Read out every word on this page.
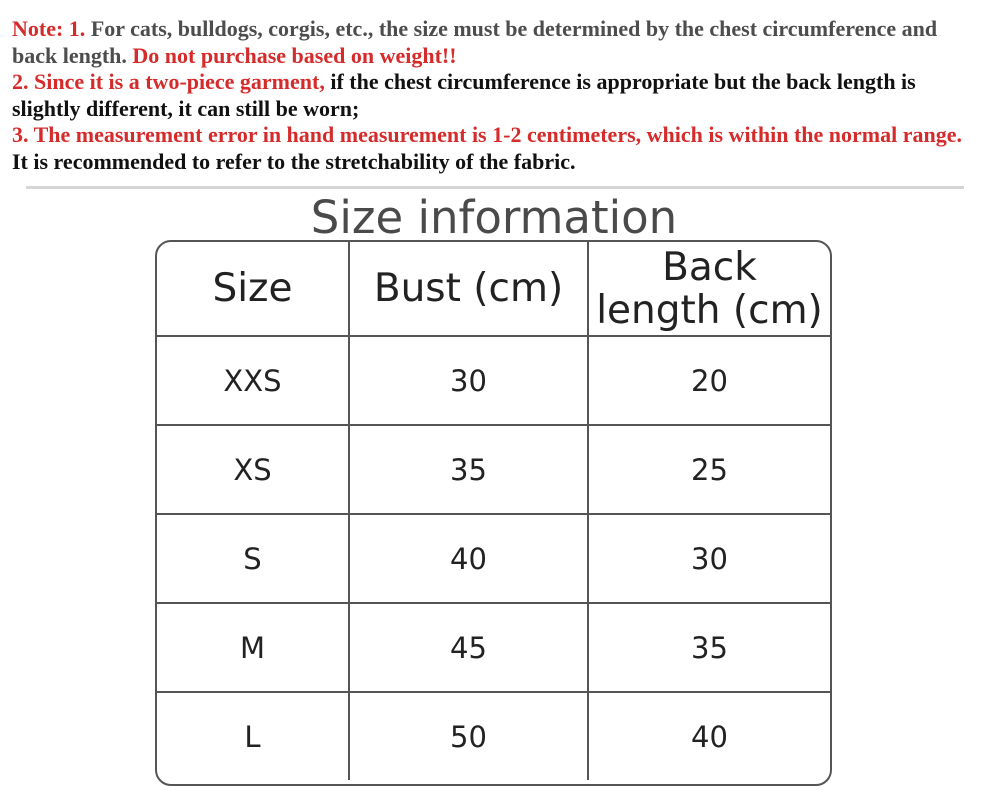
Note: 1. For cats, bulldogs, corgis, etc., the size must be determined by the chest circumference and back length. Do not purchase based on weight!!

2. Since it is a two-piece garment, if the chest circumference is appropriate but the back length is slightly different, it can still be worn;

3. The measurement error in hand measurement is 1-2 centimeters, which is within the normal range. It is recommended to refer to the stretchability of the fabric.

Size information
Size	Bust (cm)	Back length (cm)
XXS	30	20
XS	35	25
S	40	30
M	45	35
L	50	40
